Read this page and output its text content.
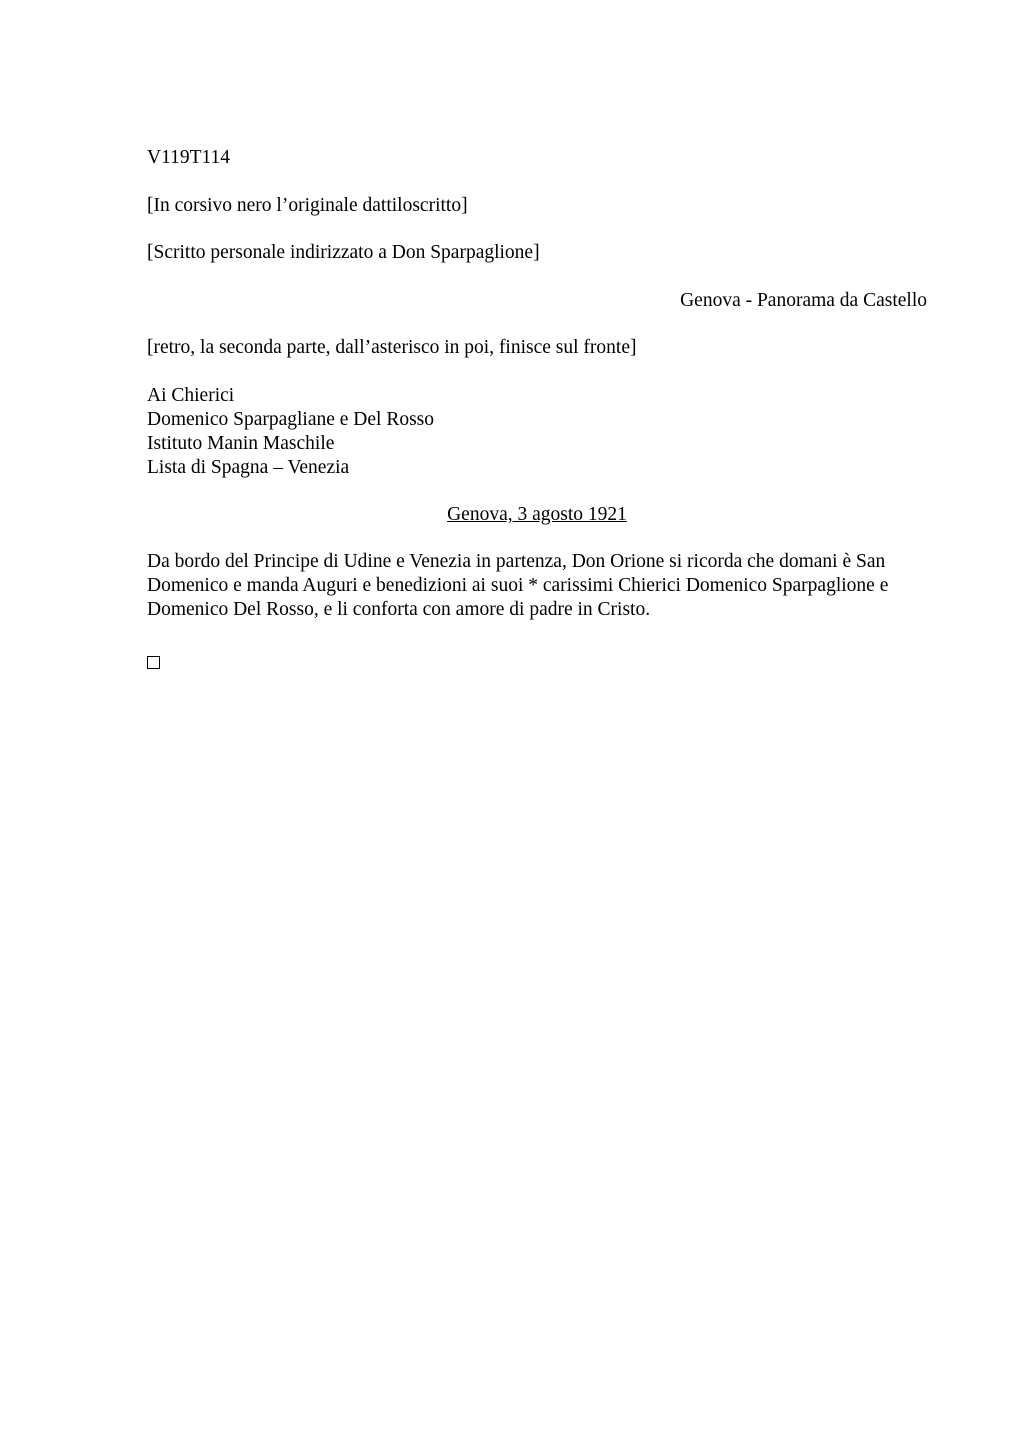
V119T114

[In corsivo nero l’originale dattiloscritto]

[Scritto personale indirizzato a Don Sparpaglione]

Genova - Panorama da Castello

[retro, la seconda parte, dall’asterisco in poi, finisce sul fronte]

Ai Chierici
Domenico Sparpagliane e Del Rosso
Istituto Manin Maschile
Lista di Spagna – Venezia

Genova, 3 agosto 1921

Da bordo del Principe di Udine e Venezia in partenza, Don Orione si ricorda che domani è San Domenico e manda Auguri e benedizioni ai suoi * carissimi Chierici Domenico Sparpaglione e Domenico Del Rosso, e li conforta con amore di padre in Cristo.
